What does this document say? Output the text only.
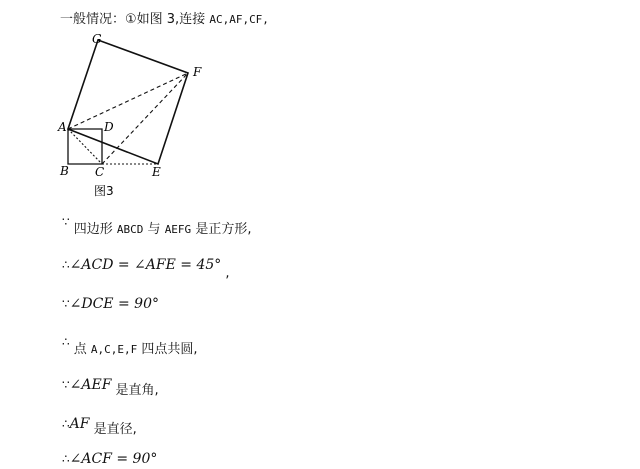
一般情况：①如图 3,连接 AC,AF,CF,
G
F
A	D
B C	E
图3
∵ 四边形 ABCD 与 AEFG 是正方形,
∴∠ACD = ∠AFE = 45° ,
∵∠DCE = 90°
∴ 点 A,C,E,F 四点共圆,
∵∠AEF 是直角,
∴AF 是直径,
∴∠ACF = 90°
